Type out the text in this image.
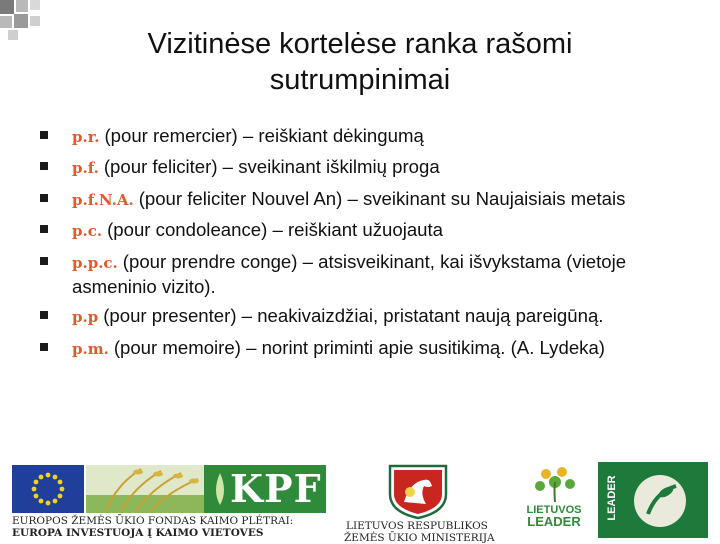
Vizitinėse kortelėse ranka rašomi
sutrumpinimai
p.r. (pour remercier) – reiškiant dėkingumą
p.f. (pour feliciter) – sveikinant iškilmių proga
p.f.N.A. (pour feliciter Nouvel An) – sveikinant su Naujaisiais metais
p.c. (pour condoleance) – reiškiant užuojauta
p.p.c. (pour prendre conge) – atsisveikinant, kai išvykstama (vietoje asmeninio vizito).
p.p (pour presenter) – neakivaizdžiai, pristatant naują pareigūną.
p.m. (pour memoire) – norint priminti apie susitikimą. (A. Lydeka)
KPF
EUROPOS ŽEMĖS ŪKIO FONDAS KAIMO PLĖTRAI:
EUROPA INVESTUOJA Į KAIMO VIETOVES
LIETUVOS RESPUBLIKOS
ŽEMĖS ŪKIO MINISTERIJA
LIETUVOS
LEADER
LEADER
